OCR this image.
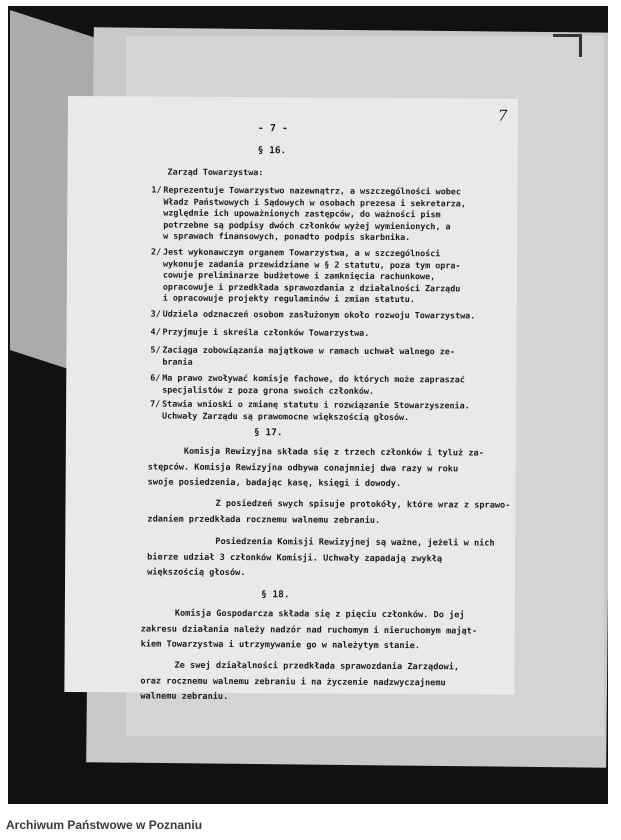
- 7 -
7
§ 16.
Zarząd Towarzystwa:
1/ Reprezentuje Towarzystwo nazewnątrz, a wszczególności wobec
Władz Państwowych i Sądowych w osobach prezesa i sekretarza,
względnie ich upoważnionych zastępców, do ważności pism
potrzebne są podpisy dwóch członków wyżej wymienionych, a
w sprawach finansowych, ponadto podpis skarbnika.
2/ Jest wykonawczym organem Towarzystwa, a w szczególności
wykonuje zadania przewidziane w § 2 statutu, poza tym opra-
cowuje preliminarze budżetowe i zamknięcia rachunkowe,
opracowuje i przedkłada sprawozdania z działalności Zarządu
i opracowuje projekty regulaminów i zmian statutu.
3/ Udziela odznaczeń osobom zasłużonym około rozwoju Towarzystwa.
4/ Przyjmuje i skreśla członków Towarzystwa.
5/ Zaciąga zobowiązania majątkowe w ramach uchwał walnego ze-
brania
6/ Ma prawo zwoływać komisje fachowe, do których może zapraszać
specjalistów z poza grona swoich członków.
7/ Stawia wnioski o zmianę statutu i rozwiązanie Stowarzyszenia.
Uchwały Zarządu są prawomocne większością głosów.
§ 17.
Komisja Rewizyjna składa się z trzech członków i tyluż za-
stępców. Komisja Rewizyjna odbywa conajmniej dwa razy w roku
swoje posiedzenia, badając kasę, księgi i dowody.
Z posiedzeń swych spisuje protokóły, które wraz z sprawo-
zdaniem przedkłada rocznemu walnemu zebraniu.
Posiedzenia Komisji Rewizyjnej są ważne, jeżeli w nich
bierze udział 3 członków Komisji. Uchwały zapadają zwykłą
większością głosów.
§ 18.
Komisja Gospodarcza składa się z pięciu członków. Do jej
zakresu działania należy nadzór nad ruchomym i nieruchomym mająt-
kiem Towarzystwa i utrzymywanie go w należytym stanie.
Ze swej działalności przedkłada sprawozdania Zarządowi,
oraz rocznemu walnemu zebraniu i na życzenie nadzwyczajnemu
walnemu zebraniu.
Archiwum Państwowe w Poznaniu
